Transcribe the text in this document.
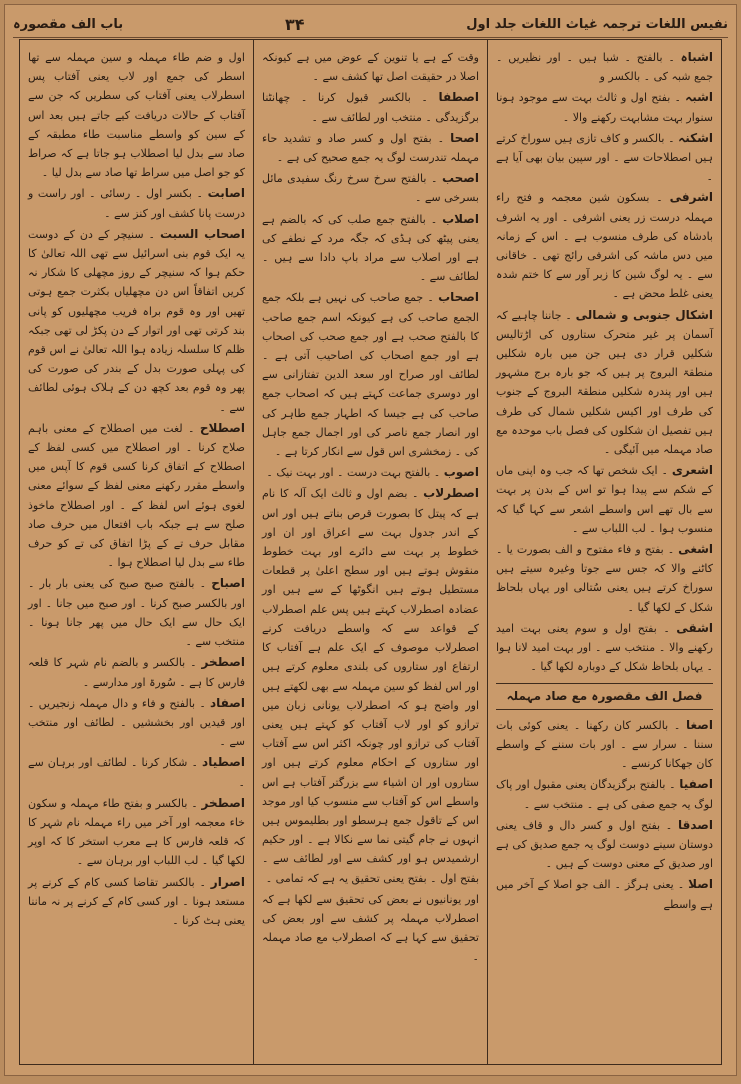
نفیس اللغات ترجمہ غیاث اللغات جلد اول
۳۴
باب الف مقصورہ

اشباہ ۔ بالفتح ۔ شبا ہیں ۔ اور نظیریں ۔ جمع شبہ کی ۔ بالکسر و

اشبہ ۔ بفتح اول و ثالث بہت سے موجود ہونا سنوار بہت مشابہت رکھنے والا ۔

اشکنہ ۔ بالکسر و کاف تازی ہیں سوراخ کرتے ہیں اصطلاحات سے ۔ اور سپین بیان بھی آیا ہے ۔

اشرفی ۔ بسکون شین معجمہ و فتح راء مہملہ درست زر یعنی اشرفی ۔ اور یہ اشرف بادشاہ کی طرف منسوب ہے ۔ اس کے زمانہ میں دس ماشہ کی اشرفی رائج تھی ۔ خاقانی سے ۔ یہ لوگ شین کا زبر آور سے کا ختم شدہ یعنی غلط محض ہے ۔

اشکال جنوبی و شمالی ۔ جاننا چاہیے کہ آسمان پر غیر متحرک ستاروں کی اڑتالیس شکلیں قرار دی ہیں جن میں بارہ شکلیں منطقۃ البروج پر ہیں کہ جو بارہ برج مشہور ہیں اور پندرہ شکلیں منطقۃ البروج کے جنوب کی طرف اور اکیس شکلیں شمال کی طرف ہیں تفصیل ان شکلوں کی فصل باب موحدہ مع صاد مہملہ میں آئیگی ۔

اشعری ۔ ایک شخص تھا کہ جب وہ اپنی ماں کے شکم سے پیدا ہوا تو اس کے بدن پر بہت سے بال تھے اس واسطے اشعر سے کہا گیا کہ منسوب ہوا ۔ لب اللباب سے ۔

اشغی ۔ بفتح و فاء مفتوح و الف بصورت یا ۔ کاٹنے والا کہ جس سے جوتا وغیرہ سیتے ہیں سوراخ کرتے ہیں یعنی سُتالی اور یہاں بلحاظ شکل کے لکھا گیا ۔

اشقی ۔ بفتح اول و سوم یعنی بہت امید رکھنے والا ۔ منتخب سے ۔ اور بہت امید لانا ہوا ۔ یہاں بلحاظ شکل کے دوبارہ لکھا گیا ۔

فصل الف مقصورہ مع صاد مہملہ

اصغا ۔ بالکسر کان رکھنا ۔ یعنی کوئی بات سننا ۔ سرار سے ۔ اور بات سننے کے واسطے کان جھکانا کرنسے ۔

اصفیا ۔ بالفتح برگزیدگان یعنی مقبول اور پاک لوگ یہ جمع صفی کی ہے ۔ منتخب سے ۔

اصدقا ۔ بفتح اول و کسر دال و قاف یعنی دوستان سینے دوست لوگ یہ جمع صدیق کی ہے اور صدیق کے معنی دوست کے ہیں ۔

اصلا ۔ یعنی ہرگز ۔ الف جو اصلا کے آخر میں ہے واسطے

وقت کے ہے یا تنوین کے عوض میں ہے کیونکہ اصلا در حقیقت اصل تھا کشف سے ۔

اصطفا ۔ بالکسر قبول کرنا ۔ چھانٹنا برگزیدگی ۔ منتخب اور لطائف سے ۔

اصحا ۔ بفتح اول و کسر صاد و تشدید حاء مہملہ تندرست لوگ یہ جمع صحیح کی ہے ۔

اصحب ۔ بالفتح سرخ سرخ رنگ سفیدی مائل بسرخی سے ۔

اصلاب ۔ بالفتح جمع صلب کی کہ بالضم ہے یعنی پیٹھ کی ہڈی کہ جگہ مرد کے نطفے کی ہے اور اصلاب سے مراد باپ دادا سے ہیں ۔ لطائف سے ۔

اصحاب ۔ جمع صاحب کی نہیں ہے بلکہ جمع الجمع صاحب کی ہے کیونکہ اسم جمع صاحب کا بالفتح صحب ہے اور جمع صحب کی اصحاب ہے اور جمع اصحاب کی اصاحیب آتی ہے ۔ لطائف اور صراح اور سعد الدین تفتازانی سے اور دوسری جماعت کہتے ہیں کہ اصحاب جمع صاحب کی ہے جیسا کہ اطہار جمع طاہر کی اور انصار جمع ناصر کی اور اجمال جمع جاہل کی ۔ زمخشری اس قول سے انکار کرتا ہے ۔

اصوب ۔ بالفتح بہت درست ۔ اور بہت نیک ۔

اصطرلاب ۔ بضم اول و ثالث ایک آلہ کا نام ہے کہ پیتل کا بصورت قرص بناتے ہیں اور اس کے اندر جدول بہت سے اعراق اور ان اور خطوط پر بہت سے دائرے اور بہت خطوط منقوش ہوتے ہیں اور سطح اعلیٰ پر قطعات مستطیل ہوتے ہیں انگوٹھا کے سے ہیں اور عضادہ اصطرلاب کہتے ہیں پس علم اصطرلاب کے قواعد سے کہ واسطے دریافت کرنے اصطرلاب موصوف کے ایک علم ہے آفتاب کا ارتفاع اور ستاروں کی بلندی معلوم کرتے ہیں اور اس لفظ کو سین مہملہ سے بھی لکھتے ہیں اور واضح ہو کہ اصطرلاب یونانی زبان میں ترازو کو اور لاب آفتاب کو کہتے ہیں یعنی آفتاب کی ترازو اور چونکہ اکثر اس سے آفتاب اور ستاروں کے احکام معلوم کرتے ہیں اور ستاروں اور ان اشیاء سے بزرگتر آفتاب ہے اس واسطے اس کو آفتاب سے منسوب کیا اور موجد اس کے تاقول جمع ہرسطو اور بطلیموس ہیں انہوں نے جام گیتی نما سے نکالا ہے ۔ اور حکیم ارشمیدس ہو اور کشف سے اور لطائف سے ۔ بفتح اول ۔ بفتح یعنی تحقیق یہ ہے کہ تمامی ۔

اور یونانیوں نے بعض کی تحقیق سے لکھا ہے کہ اصطرلاب مہملہ پر کشف سے اور بعض کی تحقیق سے کہا ہے کہ اصطرلاب مع صاد مہملہ ۔

اول و ضم طاء مہملہ و سین مہملہ سے تھا اسطر کی جمع اور لاب یعنی آفتاب پس اسطرلاب یعنی آفتاب کی سطریں کہ جن سے آفتاب کے حالات دریافت کیے جاتے ہیں بعد اس کے سین کو واسطے مناسبت طاء مطبقہ کے صاد سے بدل لیا اصطلاب ہو جاتا ہے کہ صراط کو جو اصل میں سراط تھا صاد سے بدل لیا ۔

اصابت ۔ بکسر اول ۔ رسائی ۔ اور راست و درست پانا کشف اور کنز سے ۔

اصحاب السبت ۔ سنیچر کے دن کے دوست یہ ایک قوم بنی اسرائیل سے تھی اللہ تعالیٰ کا حکم ہوا کہ سنیچر کے روز مچھلی کا شکار نہ کریں اتفاقاً اس دن مچھلیاں بکثرت جمع ہوتی تھیں اور وہ قوم براہ فریب مچھلیوں کو پانی بند کرتی تھی اور اتوار کے دن پکڑ لی تھی جبکہ ظلم کا سلسلہ زیادہ ہوا اللہ تعالیٰ نے اس قوم کی پہلی صورت بدل کے بندر کی صورت کی پھر وہ قوم بعد کچھ دن کے ہلاک ہوئی لطائف سے ۔

اصطلاح ۔ لغت میں اصطلاح کے معنی باہم صلاح کرنا ۔ اور اصطلاح میں کسی لفظ کے اصطلاح کے اتفاق کرنا کسی قوم کا آپس میں واسطے مقرر رکھنے معنی لفظ کے سوائے معنی لغوی ہوئے اس لفظ کے ۔ اور اصطلاح ماخوذ صلح سے ہے جبکہ باب افتعال میں حرف صاد مقابل حرف تے کے پڑا اتفاق کی تے کو حرف طاء سے بدل لیا اصطلاح ہوا ۔

اصباح ۔ بالفتح صبح صبح کی یعنی بار بار ۔ اور بالکسر صبح کرنا ۔ اور صبح میں جانا ۔ اور ایک حال سے ایک حال میں پھر جانا ہونا ۔ منتخب سے ۔

اصطخر ۔ بالکسر و بالضم نام شہر کا قلعہ فارس کا ہے ۔ سُورۃ اور مدارسے ۔

اصفاد ۔ بالفتح و فاء و دال مہملہ زنجیریں ۔ اور قیدیں اور بخششیں ۔ لطائف اور منتخب سے ۔

اصطیاد ۔ شکار کرنا ۔ لطائف اور برہان سے ۔

اصطخر ۔ بالکسر و بفتح طاء مہملہ و سکون خاء معجمہ اور آخر میں راء مہملہ نام شہر کا کہ قلعہ فارس کا ہے معرب استخر کا کہ اوپر لکھا گیا ۔ لب اللباب اور برہان سے ۔

اصرار ۔ بالکسر تقاضا کسی کام کے کرنے پر مستعد ہونا ۔ اور کسی کام کے کرنے پر نہ ماننا یعنی ہٹ کرنا ۔
